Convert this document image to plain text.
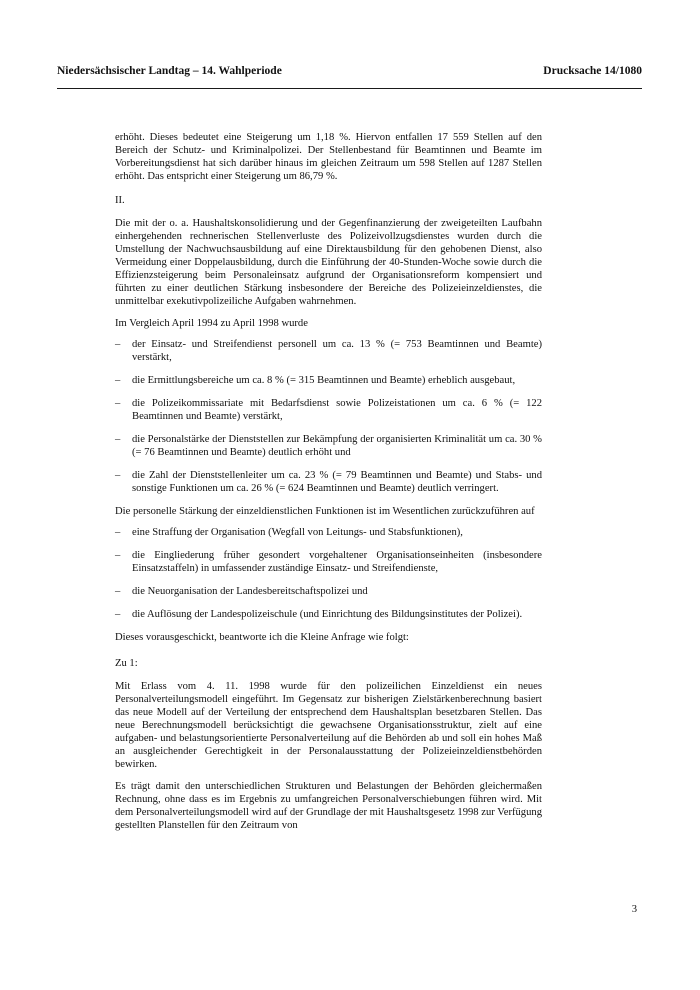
Niedersächsischer Landtag – 14. Wahlperiode	Drucksache 14/1080

erhöht. Dieses bedeutet eine Steigerung um 1,18 %. Hiervon entfallen 17 559 Stellen auf den Bereich der Schutz- und Kriminalpolizei. Der Stellenbestand für Beamtinnen und Beamte im Vorbereitungsdienst hat sich darüber hinaus im gleichen Zeitraum um 598 Stellen auf 1287 Stellen erhöht. Das entspricht einer Steigerung um 86,79 %.

II.

Die mit der o. a. Haushaltskonsolidierung und der Gegenfinanzierung der zweigeteilten Laufbahn einhergehenden rechnerischen Stellenverluste des Polizeivollzugsdienstes wurden durch die Umstellung der Nachwuchsausbildung auf eine Direktausbildung für den gehobenen Dienst, also Vermeidung einer Doppelausbildung, durch die Einführung der 40-Stunden-Woche sowie durch die Effizienzsteigerung beim Personaleinsatz aufgrund der Organisationsreform kompensiert und führten zu einer deutlichen Stärkung insbesondere der Bereiche des Polizeieinzeldienstes, die unmittelbar exekutivpolizeiliche Aufgaben wahrnehmen.

Im Vergleich April 1994 zu April 1998 wurde

–	der Einsatz- und Streifendienst personell um ca. 13 % (= 753 Beamtinnen und Beamte) verstärkt,
–	die Ermittlungsbereiche um ca. 8 % (= 315 Beamtinnen und Beamte) erheblich ausgebaut,
–	die Polizeikommissariate mit Bedarfsdienst sowie Polizeistationen um ca. 6 % (= 122 Beamtinnen und Beamte) verstärkt,
–	die Personalstärke der Dienststellen zur Bekämpfung der organisierten Kriminalität um ca. 30 % (= 76 Beamtinnen und Beamte) deutlich erhöht und
–	die Zahl der Dienststellenleiter um ca. 23 % (= 79 Beamtinnen und Beamte) und Stabs- und sonstige Funktionen um ca. 26 % (= 624 Beamtinnen und Beamte) deutlich verringert.

Die personelle Stärkung der einzeldienstlichen Funktionen ist im Wesentlichen zurückzuführen auf

–	eine Straffung der Organisation (Wegfall von Leitungs- und Stabsfunktionen),
–	die Eingliederung früher gesondert vorgehaltener Organisationseinheiten (insbesondere Einsatzstaffeln) in umfassender zuständige Einsatz- und Streifendienste,
–	die Neuorganisation der Landesbereitschaftspolizei und
–	die Auflösung der Landespolizeischule (und Einrichtung des Bildungsinstitutes der Polizei).

Dieses vorausgeschickt, beantworte ich die Kleine Anfrage wie folgt:

Zu 1:

Mit Erlass vom 4. 11. 1998 wurde für den polizeilichen Einzeldienst ein neues Personalverteilungsmodell eingeführt. Im Gegensatz zur bisherigen Zielstärkenberechnung basiert das neue Modell auf der Verteilung der entsprechend dem Haushaltsplan besetzbaren Stellen. Das neue Berechnungsmodell berücksichtigt die gewachsene Organisationsstruktur, zielt auf eine aufgaben- und belastungsorientierte Personalverteilung auf die Behörden ab und soll ein hohes Maß an ausgleichender Gerechtigkeit in der Personalausstattung der Polizeieinzeldienstbehörden bewirken.

Es trägt damit den unterschiedlichen Strukturen und Belastungen der Behörden gleichermaßen Rechnung, ohne dass es im Ergebnis zu umfangreichen Personalverschiebungen führen wird. Mit dem Personalverteilungsmodell wird auf der Grundlage der mit Haushaltsgesetz 1998 zur Verfügung gestellten Planstellen für den Zeitraum von

3
